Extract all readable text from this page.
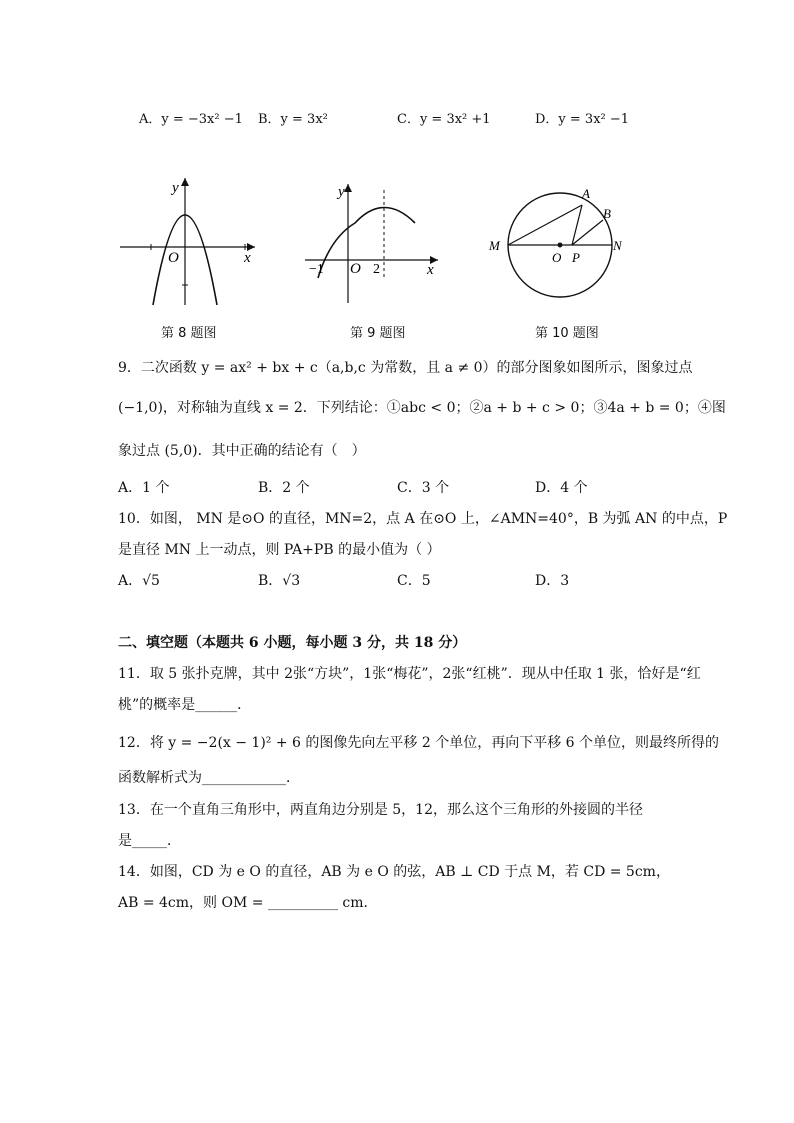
A．y = −3x² −1 B．y = 3x²	C．y = 3x² +1	D．y = 3x² −1
y
x
O
第 8 题图
y
x
O
−1	2
第 9 题图
A
B
M	N
O P
第 10 题图
9．二次函数 y = ax² + bx + c（a,b,c 为常数，且 a ≠ 0）的部分图象如图所示，图象过点
(−1,0)，对称轴为直线 x = 2．下列结论：①abc < 0；②a + b + c > 0；③4a + b = 0；④图
象过点 (5,0)．其中正确的结论有（　）
A．1 个	B．2 个	C．3 个	D．4 个
10．如图， MN 是⊙O 的直径，MN=2，点 A 在⊙O 上，∠AMN=40°，B 为弧 AN 的中点，P
是直径 MN 上一动点，则 PA+PB 的最小值为（ ）
A．√5	B．√3	C．5	D．3
二、填空题（本题共 6 小题，每小题 3 分，共 18 分）
11．取 5 张扑克牌，其中 2张“方块”，1张“梅花”，2张“红桃”．现从中任取 1 张，恰好是“红
桃”的概率是______．
12．将 y = −2(x − 1)² + 6 的图像先向左平移 2 个单位，再向下平移 6 个单位，则最终所得的
函数解析式为____________．
13．在一个直角三角形中，两直角边分别是 5，12，那么这个三角形的外接圆的半径
是_____．
14．如图，CD 为 e O 的直径，AB 为 e O 的弦，AB ⊥ CD 于点 M，若 CD = 5cm，
AB = 4cm，则 OM = __________ cm．
